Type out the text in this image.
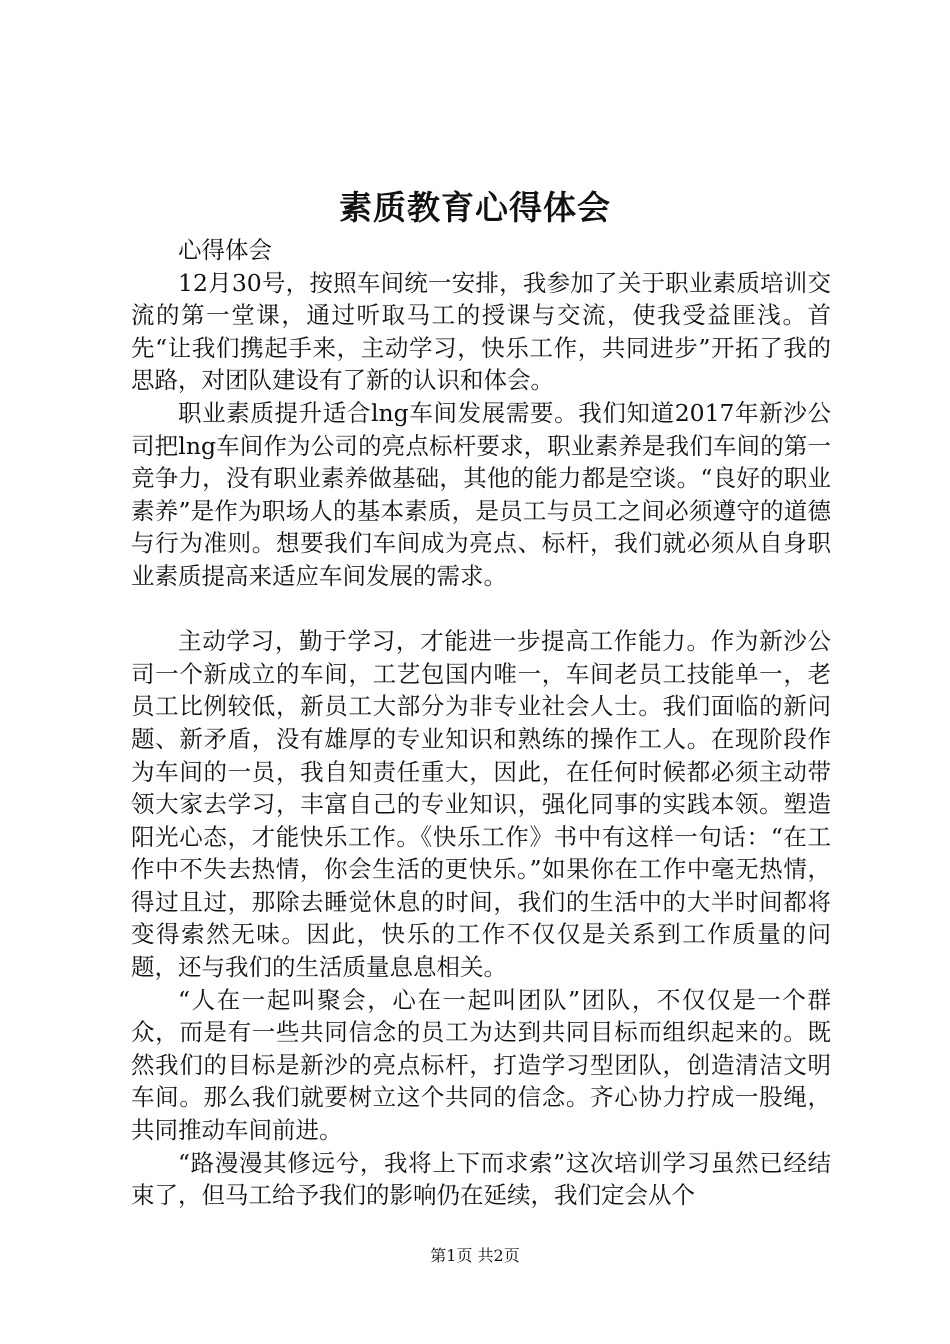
素质教育心得体会

心得体会

12月30号，按照车间统一安排，我参加了关于职业素质培训交流的第一堂课，通过听取马工的授课与交流，使我受益匪浅。首先“让我们携起手来，主动学习，快乐工作，共同进步”开拓了我的思路，对团队建设有了新的认识和体会。

职业素质提升适合lng车间发展需要。我们知道2017年新沙公司把lng车间作为公司的亮点标杆要求，职业素养是我们车间的第一竞争力，没有职业素养做基础，其他的能力都是空谈。“良好的职业素养”是作为职场人的基本素质，是员工与员工之间必须遵守的道德与行为准则。想要我们车间成为亮点、标杆，我们就必须从自身职业素质提高来适应车间发展的需求。

主动学习，勤于学习，才能进一步提高工作能力。作为新沙公司一个新成立的车间，工艺包国内唯一，车间老员工技能单一，老员工比例较低，新员工大部分为非专业社会人士。我们面临的新问题、新矛盾，没有雄厚的专业知识和熟练的操作工人。在现阶段作为车间的一员，我自知责任重大，因此，在任何时候都必须主动带领大家去学习，丰富自己的专业知识，强化同事的实践本领。塑造阳光心态，才能快乐工作。《快乐工作》书中有这样一句话：“在工作中不失去热情，你会生活的更快乐。”如果你在工作中毫无热情，得过且过，那除去睡觉休息的时间，我们的生活中的大半时间都将变得索然无味。因此，快乐的工作不仅仅是关系到工作质量的问题，还与我们的生活质量息息相关。

“人在一起叫聚会，心在一起叫团队”团队，不仅仅是一个群众，而是有一些共同信念的员工为达到共同目标而组织起来的。既然我们的目标是新沙的亮点标杆，打造学习型团队，创造清洁文明车间。那么我们就要树立这个共同的信念。齐心协力拧成一股绳，共同推动车间前进。

“路漫漫其修远兮，我将上下而求索”这次培训学习虽然已经结束了，但马工给予我们的影响仍在延续，我们定会从个

第1页 共2页
